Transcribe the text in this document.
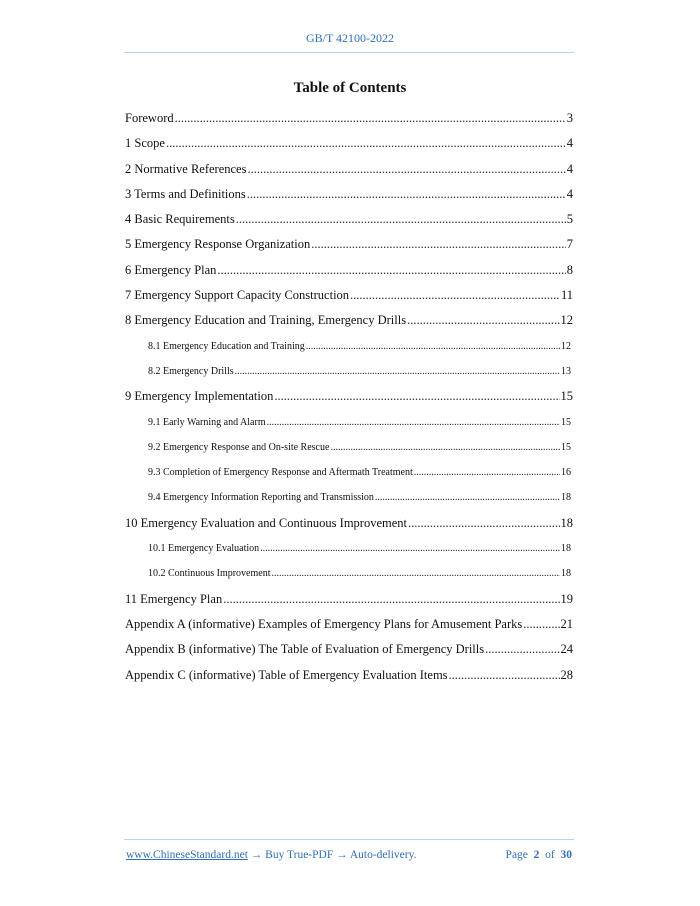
GB/T 42100-2022
Table of Contents
Foreword .....	3
1 Scope .....	4
2 Normative References .....	4
3 Terms and Definitions .....	4
4 Basic Requirements .....	5
5 Emergency Response Organization .....	7
6 Emergency Plan .....	8
7 Emergency Support Capacity Construction .....	11
8 Emergency Education and Training, Emergency Drills .....	12
8.1 Emergency Education and Training .....	12
8.2 Emergency Drills .....	13
9 Emergency Implementation .....	15
9.1 Early Warning and Alarm .....	15
9.2 Emergency Response and On-site Rescue .....	15
9.3 Completion of Emergency Response and Aftermath Treatment .....	16
9.4 Emergency Information Reporting and Transmission .....	18
10 Emergency Evaluation and Continuous Improvement .....	18
10.1 Emergency Evaluation .....	18
10.2 Continuous Improvement .....	18
11 Emergency Plan .....	19
Appendix A (informative) Examples of Emergency Plans for Amusement Parks .....	21
Appendix B (informative) The Table of Evaluation of Emergency Drills .....	24
Appendix C (informative) Table of Emergency Evaluation Items .....	28
www.ChineseStandard.net → Buy True-PDF → Auto-delivery.	Page 2 of 30
